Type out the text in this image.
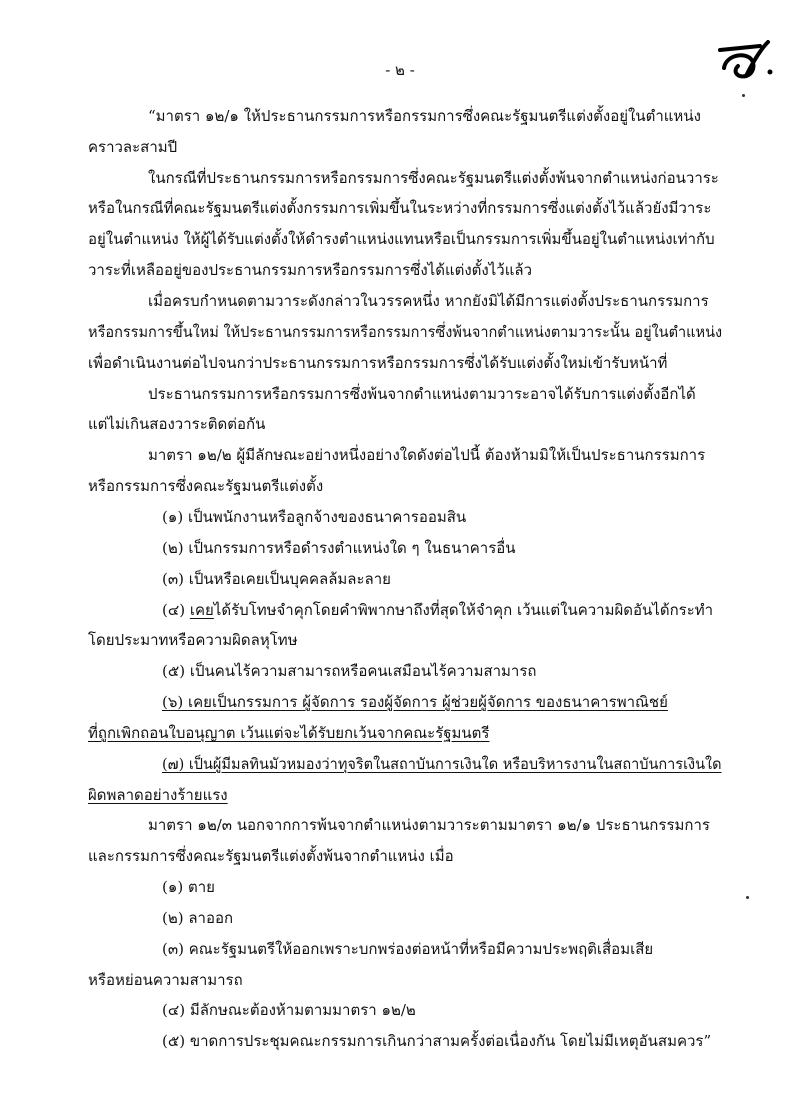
- ๒ -
“มาตรา ๑๒/๑ ให้ประธานกรรมการหรือกรรมการซึ่งคณะรัฐมนตรีแต่งตั้งอยู่ในตำแหน่ง
คราวละสามปี
ในกรณีที่ประธานกรรมการหรือกรรมการซึ่งคณะรัฐมนตรีแต่งตั้งพ้นจากตำแหน่งก่อนวาระ
หรือในกรณีที่คณะรัฐมนตรีแต่งตั้งกรรมการเพิ่มขึ้นในระหว่างที่กรรมการซึ่งแต่งตั้งไว้แล้วยังมีวาระ
อยู่ในตำแหน่ง ให้ผู้ได้รับแต่งตั้งให้ดำรงตำแหน่งแทนหรือเป็นกรรมการเพิ่มขึ้นอยู่ในตำแหน่งเท่ากับ
วาระที่เหลืออยู่ของประธานกรรมการหรือกรรมการซึ่งได้แต่งตั้งไว้แล้ว
เมื่อครบกำหนดตามวาระดังกล่าวในวรรคหนึ่ง หากยังมิได้มีการแต่งตั้งประธานกรรมการ
หรือกรรมการขึ้นใหม่ ให้ประธานกรรมการหรือกรรมการซึ่งพ้นจากตำแหน่งตามวาระนั้น อยู่ในตำแหน่ง
เพื่อดำเนินงานต่อไปจนกว่าประธานกรรมการหรือกรรมการซึ่งได้รับแต่งตั้งใหม่เข้ารับหน้าที่
ประธานกรรมการหรือกรรมการซึ่งพ้นจากตำแหน่งตามวาระอาจได้รับการแต่งตั้งอีกได้
แต่ไม่เกินสองวาระติดต่อกัน
มาตรา ๑๒/๒ ผู้มีลักษณะอย่างหนึ่งอย่างใดดังต่อไปนี้ ต้องห้ามมิให้เป็นประธานกรรมการ
หรือกรรมการซึ่งคณะรัฐมนตรีแต่งตั้ง
(๑) เป็นพนักงานหรือลูกจ้างของธนาคารออมสิน
(๒) เป็นกรรมการหรือดำรงตำแหน่งใด ๆ ในธนาคารอื่น
(๓) เป็นหรือเคยเป็นบุคคลล้มละลาย
(๔) เคยได้รับโทษจำคุกโดยคำพิพากษาถึงที่สุดให้จำคุก เว้นแต่ในความผิดอันได้กระทำ
โดยประมาทหรือความผิดลหุโทษ
(๕) เป็นคนไร้ความสามารถหรือคนเสมือนไร้ความสามารถ
(๖) เคยเป็นกรรมการ ผู้จัดการ รองผู้จัดการ ผู้ช่วยผู้จัดการ ของธนาคารพาณิชย์
ที่ถูกเพิกถอนใบอนุญาต เว้นแต่จะได้รับยกเว้นจากคณะรัฐมนตรี
(๗) เป็นผู้มีมลทินมัวหมองว่าทุจริตในสถาบันการเงินใด หรือบริหารงานในสถาบันการเงินใด
ผิดพลาดอย่างร้ายแรง
มาตรา ๑๒/๓ นอกจากการพ้นจากตำแหน่งตามวาระตามมาตรา ๑๒/๑ ประธานกรรมการ
และกรรมการซึ่งคณะรัฐมนตรีแต่งตั้งพ้นจากตำแหน่ง เมื่อ
(๑) ตาย
(๒) ลาออก
(๓) คณะรัฐมนตรีให้ออกเพราะบกพร่องต่อหน้าที่หรือมีความประพฤติเสื่อมเสีย
หรือหย่อนความสามารถ
(๔) มีลักษณะต้องห้ามตามมาตรา ๑๒/๒
(๕) ขาดการประชุมคณะกรรมการเกินกว่าสามครั้งต่อเนื่องกัน โดยไม่มีเหตุอันสมควร”
